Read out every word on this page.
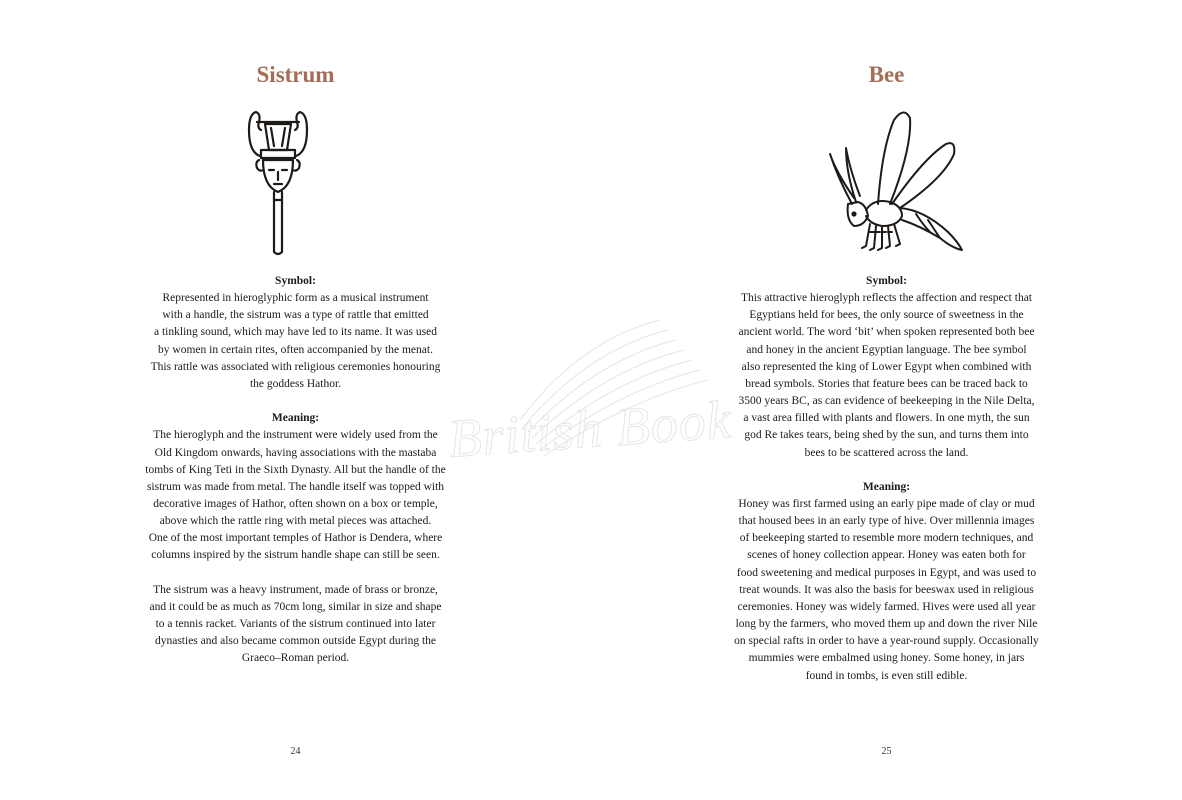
British Book
Sistrum
Symbol:
Represented in hieroglyphic form as a musical instrument
with a handle, the sistrum was a type of rattle that emitted
a tinkling sound, which may have led to its name. It was used
by women in certain rites, often accompanied by the menat.
This rattle was associated with religious ceremonies honouring
the goddess Hathor.
Meaning:
The hieroglyph and the instrument were widely used from the
Old Kingdom onwards, having associations with the mastaba
tombs of King Teti in the Sixth Dynasty. All but the handle of the
sistrum was made from metal. The handle itself was topped with
decorative images of Hathor, often shown on a box or temple,
above which the rattle ring with metal pieces was attached.
One of the most important temples of Hathor is Dendera, where
columns inspired by the sistrum handle shape can still be seen.
The sistrum was a heavy instrument, made of brass or bronze,
and it could be as much as 70cm long, similar in size and shape
to a tennis racket. Variants of the sistrum continued into later
dynasties and also became common outside Egypt during the
Graeco–Roman period.
24
Bee
Symbol:
This attractive hieroglyph reflects the affection and respect that
Egyptians held for bees, the only source of sweetness in the
ancient world. The word ‘bit’ when spoken represented both bee
and honey in the ancient Egyptian language. The bee symbol
also represented the king of Lower Egypt when combined with
bread symbols. Stories that feature bees can be traced back to
3500 years BC, as can evidence of beekeeping in the Nile Delta,
a vast area filled with plants and flowers. In one myth, the sun
god Re takes tears, being shed by the sun, and turns them into
bees to be scattered across the land.
Meaning:
Honey was first farmed using an early pipe made of clay or mud
that housed bees in an early type of hive. Over millennia images
of beekeeping started to resemble more modern techniques, and
scenes of honey collection appear. Honey was eaten both for
food sweetening and medical purposes in Egypt, and was used to
treat wounds. It was also the basis for beeswax used in religious
ceremonies. Honey was widely farmed. Hives were used all year
long by the farmers, who moved them up and down the river Nile
on special rafts in order to have a year-round supply. Occasionally
mummies were embalmed using honey. Some honey, in jars
found in tombs, is even still edible.
25
